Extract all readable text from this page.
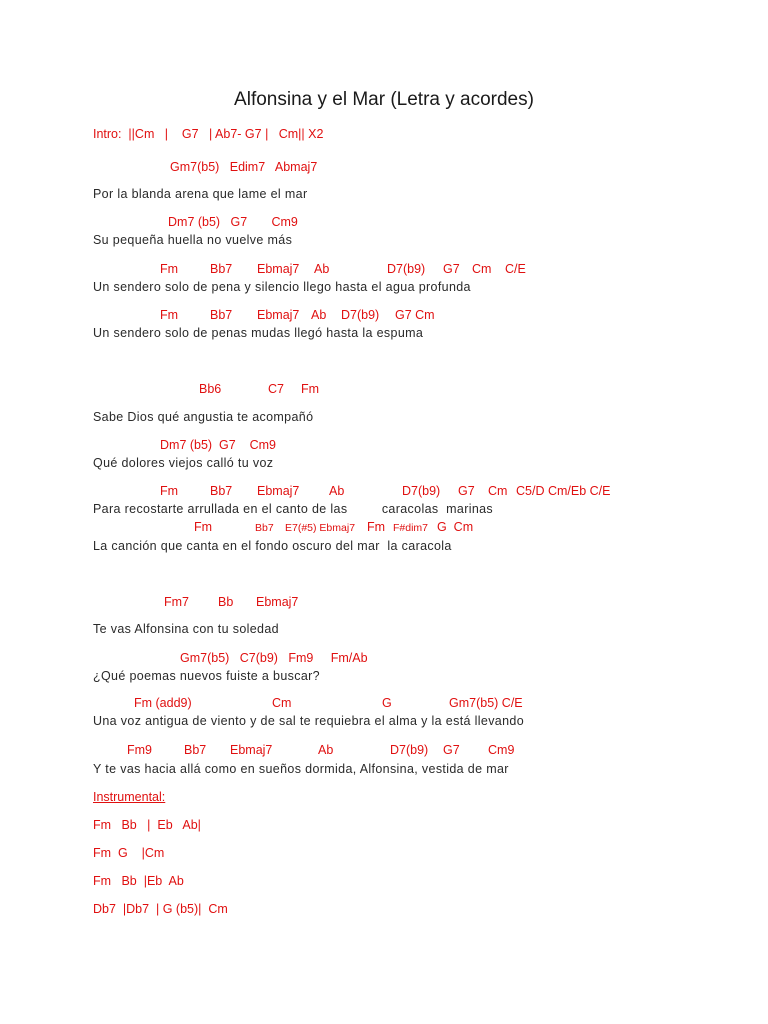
Alfonsina y el Mar (Letra y acordes)
Intro:  ||Cm   |    G7   | Ab7- G7 |   Cm|| X2
Gm7(b5)   Edim7   Abmaj7
Por la blanda arena que lame el mar
Dm7 (b5)   G7       Cm9
Su pequeña huella no vuelve más
Fm	Bb7 Ebmaj7 Ab	D7(b9) G7 Cm C/E
Un sendero solo de pena y silencio llego hasta el agua profunda
Fm	Bb7 Ebmaj7 Ab D7(b9) G7 Cm
Un sendero solo de penas mudas llegó hasta la espuma
Bb6	C7 Fm
Sabe Dios qué angustia te acompañó
Dm7 (b5)  G7    Cm9
Qué dolores viejos calló tu voz
Fm	Bb7 Ebmaj7 Ab	D7(b9) G7 Cm C5/D Cm/Eb C/E
Para recostarte arrullada en el canto de las         caracolas  marinas
Fm	Bb7 E7(#5) Ebmaj7 Fm F#dim7 G  Cm
La canción que canta en el fondo oscuro del mar  la caracola
Fm7 Bb Ebmaj7
Te vas Alfonsina con tu soledad
Gm7(b5)   C7(b9)   Fm9     Fm/Ab
¿Qué poemas nuevos fuiste a buscar?
Fm (add9)	Cm	G	Gm7(b5) C/E
Una voz antigua de viento y de sal te requiebra el alma y la está llevando
Fm9	Bb7 Ebmaj7	Ab	D7(b9) G7 Cm9
Y te vas hacia allá como en sueños dormida, Alfonsina, vestida de mar
Instrumental:
Fm   Bb   |  Eb   Ab|
Fm  G    |Cm
Fm   Bb  |Eb  Ab
Db7  |Db7  | G (b5)|  Cm
